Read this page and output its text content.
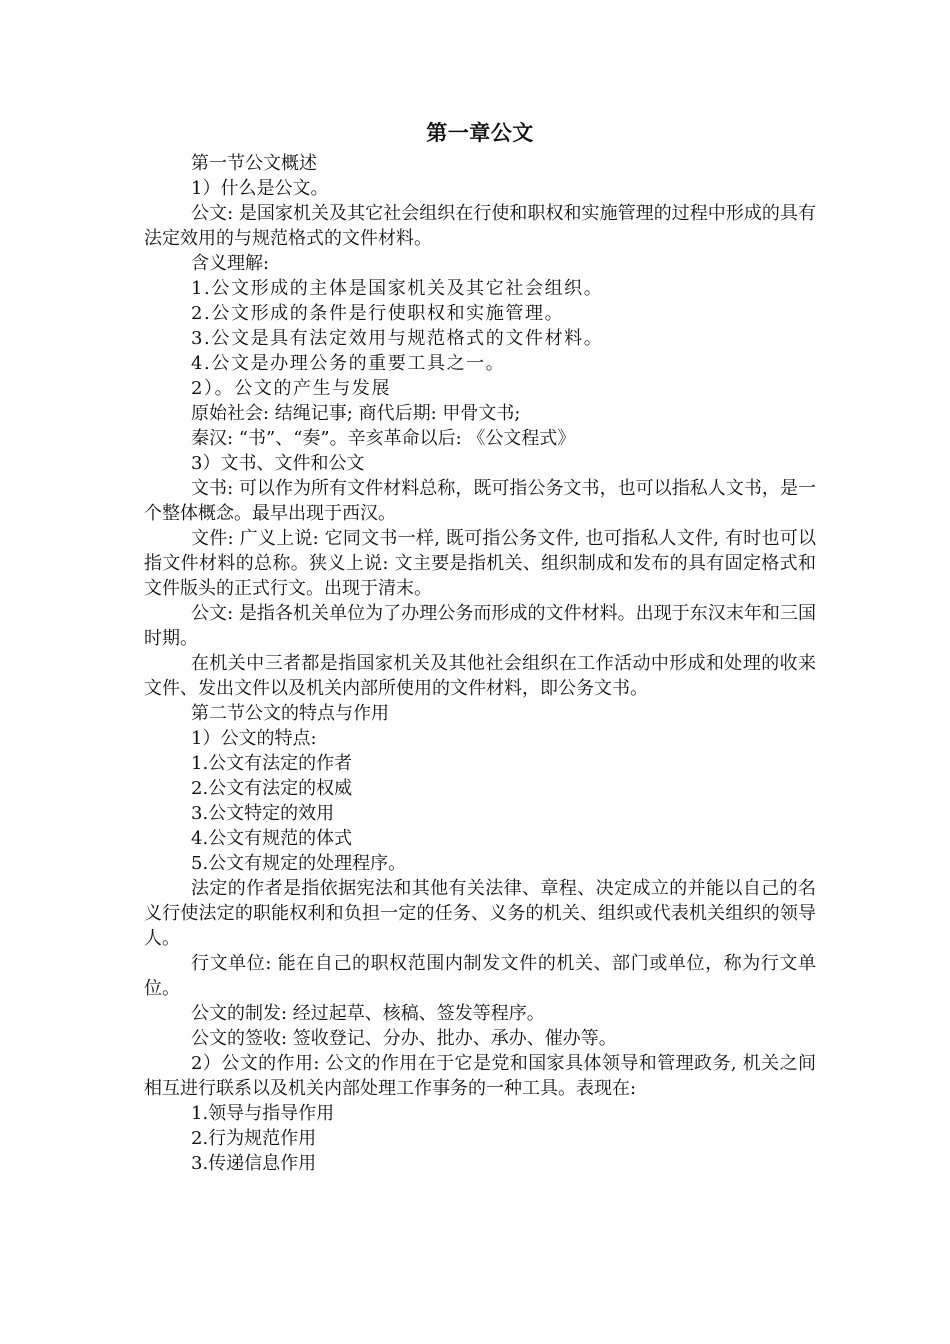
第一章公文

第一节公文概述

1）什么是公文。

公文: 是国家机关及其它社会组织在行使和职权和实施管理的过程中形成的具有法定效用的与规范格式的文件材料。

含义理解:

1.公文形成的主体是国家机关及其它社会组织。

2.公文形成的条件是行使职权和实施管理。

3.公文是具有法定效用与规范格式的文件材料。

4.公文是办理公务的重要工具之一。

2）。公文的产生与发展

原始社会: 结绳记事; 商代后期: 甲骨文书;

秦汉: “书”、“奏”。辛亥革命以后: 《公文程式》

3）文书、文件和公文

文书: 可以作为所有文件材料总称，既可指公务文书，也可以指私人文书，是一个整体概念。最早出现于西汉。

文件: 广义上说: 它同文书一样, 既可指公务文件, 也可指私人文件, 有时也可以指文件材料的总称。狭义上说: 文主要是指机关、组织制成和发布的具有固定格式和文件版头的正式行文。出现于清末。

公文: 是指各机关单位为了办理公务而形成的文件材料。出现于东汉末年和三国时期。

在机关中三者都是指国家机关及其他社会组织在工作活动中形成和处理的收来文件、发出文件以及机关内部所使用的文件材料，即公务文书。

第二节公文的特点与作用

1）公文的特点:

1.公文有法定的作者

2.公文有法定的权威

3.公文特定的效用

4.公文有规范的体式

5.公文有规定的处理程序。

法定的作者是指依据宪法和其他有关法律、章程、决定成立的并能以自己的名义行使法定的职能权利和负担一定的任务、义务的机关、组织或代表机关组织的领导人。

行文单位: 能在自己的职权范围内制发文件的机关、部门或单位，称为行文单位。

公文的制发: 经过起草、核稿、签发等程序。

公文的签收: 签收登记、分办、批办、承办、催办等。

2）公文的作用: 公文的作用在于它是党和国家具体领导和管理政务, 机关之间相互进行联系以及机关内部处理工作事务的一种工具。表现在:

1.领导与指导作用

2.行为规范作用

3.传递信息作用
